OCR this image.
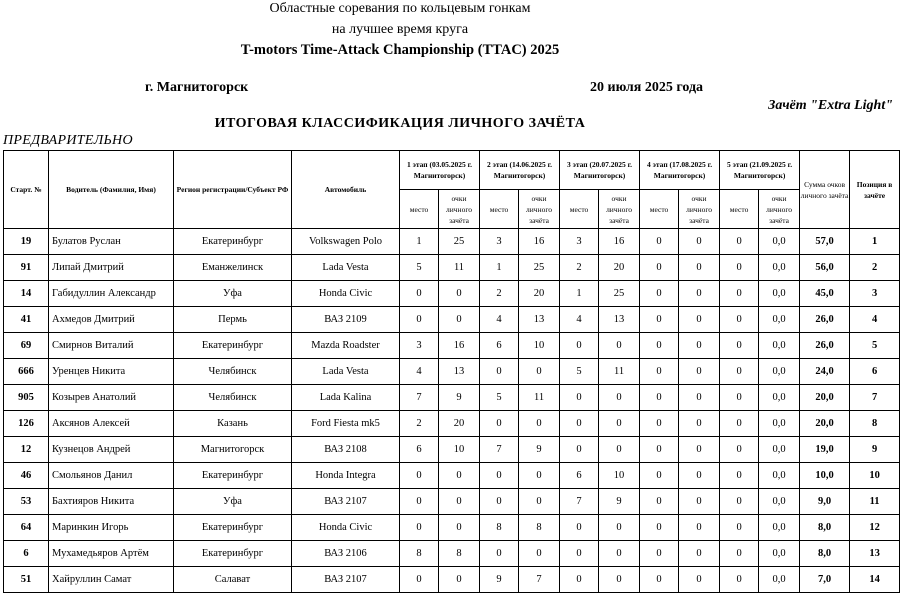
Областные соревания по кольцевым гонкам
на лучшее время круга
T-motors Time-Attack Championship (TTAC) 2025
г. Магнитогорск	20 июля 2025 года
Зачёт "Extra Light"
ИТОГОВАЯ КЛАССИФИКАЦИЯ ЛИЧНОГО ЗАЧЁТА
ПРЕДВАРИТЕЛЬНО
Старт. №	Водитель (Фамилия, Имя)	Регион регистрации/Субъект РФ	Автомобиль	1 этап (03.05.2025 г. Магнитогорск)		2 этап (14.06.2025 г. Магнитогорск)		3 этап (20.07.2025 г. Магнитогорск)		4 этап (17.08.2025 г. Магнитогорск)		5 этап (21.09.2025 г. Магнитогорск)		Сумма очков личного зачёта	Позиция в зачёте
				место	очки личного зачёта	место	очки личного зачёта	место	очки личного зачёта	место	очки личного зачёта	место	очки личного зачёта		
19	Булатов Руслан	Екатеринбург	Volkswagen Polo	1	25	3	16	3	16	0	0	0	0,0	57,0	1
91	Липай Дмитрий	Еманжелинск	Lada Vesta	5	11	1	25	2	20	0	0	0	0,0	56,0	2
14	Габидуллин Александр	Уфа	Honda Civic	0	0	2	20	1	25	0	0	0	0,0	45,0	3
41	Ахмедов Дмитрий	Пермь	ВАЗ 2109	0	0	4	13	4	13	0	0	0	0,0	26,0	4
69	Смирнов Виталий	Екатеринбург	Mazda Roadster	3	16	6	10	0	0	0	0	0	0,0	26,0	5
666	Уренцев Никита	Челябинск	Lada Vesta	4	13	0	0	5	11	0	0	0	0,0	24,0	6
905	Козырев Анатолий	Челябинск	Lada Kalina	7	9	5	11	0	0	0	0	0	0,0	20,0	7
126	Аксянов Алексей	Казань	Ford Fiesta mk5	2	20	0	0	0	0	0	0	0	0,0	20,0	8
12	Кузнецов Андрей	Магнитогорск	ВАЗ 2108	6	10	7	9	0	0	0	0	0	0,0	19,0	9
46	Смольянов Данил	Екатеринбург	Honda Integra	0	0	0	0	6	10	0	0	0	0,0	10,0	10
53	Бахтияров Никита	Уфа	ВАЗ 2107	0	0	0	0	7	9	0	0	0	0,0	9,0	11
64	Маринкин Игорь	Екатеринбург	Honda Civic	0	0	8	8	0	0	0	0	0	0,0	8,0	12
6	Мухамедьяров Артём	Екатеринбург	ВАЗ 2106	8	8	0	0	0	0	0	0	0	0,0	8,0	13
51	Хайруллин Самат	Салават	ВАЗ 2107	0	0	9	7	0	0	0	0	0	0,0	7,0	14
